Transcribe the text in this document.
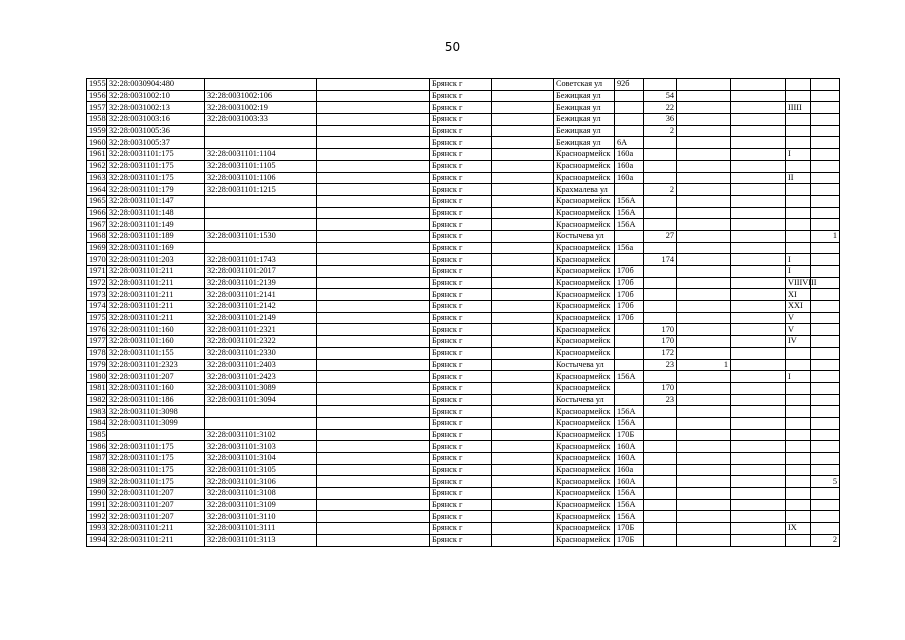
50
1955	32:28:0030904:480			Брянск г		Советская ул	92б					
1956	32:28:0031002:10	32:28:0031002:106		Брянск г		Бежицкая ул		54				
1957	32:28:0031002:13	32:28:0031002:19		Брянск г		Бежицкая ул		22			IIIII	
1958	32:28:0031003:16	32:28:0031003:33		Брянск г		Бежицкая ул		36				
1959	32:28:0031005:36			Брянск г		Бежицкая ул		2				
1960	32:28:0031005:37			Брянск г		Бежицкая ул	6А					
1961	32:28:0031101:175	32:28:0031101:1104		Брянск г		Красноармейск	160а				I	
1962	32:28:0031101:175	32:28:0031101:1105		Брянск г		Красноармейск	160а					
1963	32:28:0031101:175	32:28:0031101:1106		Брянск г		Красноармейск	160а				II	
1964	32:28:0031101:179	32:28:0031101:1215		Брянск г		Крахмалева ул		2				
1965	32:28:0031101:147			Брянск г		Красноармейск	156А					
1966	32:28:0031101:148			Брянск г		Красноармейск	156А					
1967	32:28:0031101:149			Брянск г		Красноармейск	156А					
1968	32:28:0031101:189	32:28:0031101:1530		Брянск г		Костычева ул		27				1
1969	32:28:0031101:169			Брянск г		Красноармейск	156а					
1970	32:28:0031101:203	32:28:0031101:1743		Брянск г		Красноармейск		174			I	
1971	32:28:0031101:211	32:28:0031101:2017		Брянск г		Красноармейск	170б				I	
1972	32:28:0031101:211	32:28:0031101:2139		Брянск г		Красноармейск	170б				VIIIVIII	
1973	32:28:0031101:211	32:28:0031101:2141		Брянск г		Красноармейск	170б				XI	
1974	32:28:0031101:211	32:28:0031101:2142		Брянск г		Красноармейск	170б				XXI	
1975	32:28:0031101:211	32:28:0031101:2149		Брянск г		Красноармейск	170б				V	
1976	32:28:0031101:160	32:28:0031101:2321		Брянск г		Красноармейск		170			V	
1977	32:28:0031101:160	32:28:0031101:2322		Брянск г		Красноармейск		170			IV	
1978	32:28:0031101:155	32:28:0031101:2330		Брянск г		Красноармейск		172				
1979	32:28:0031101:2323	32:28:0031101:2403		Брянск г		Костычева ул		23	1			
1980	32:28:0031101:207	32:28:0031101:2423		Брянск г		Красноармейск	156А				I	
1981	32:28:0031101:160	32:28:0031101:3089		Брянск г		Красноармейск		170				
1982	32:28:0031101:186	32:28:0031101:3094		Брянск г		Костычева ул		23				
1983	32:28:0031101:3098			Брянск г		Красноармейск	156А					
1984	32:28:0031101:3099			Брянск г		Красноармейск	156А					
1985		32:28:0031101:3102		Брянск г		Красноармейск	170Б					
1986	32:28:0031101:175	32:28:0031101:3103		Брянск г		Красноармейск	160А					
1987	32:28:0031101:175	32:28:0031101:3104		Брянск г		Красноармейск	160А					
1988	32:28:0031101:175	32:28:0031101:3105		Брянск г		Красноармейск	160а					
1989	32:28:0031101:175	32:28:0031101:3106		Брянск г		Красноармейск	160А					5
1990	32:28:0031101:207	32:28:0031101:3108		Брянск г		Красноармейск	156А					
1991	32:28:0031101:207	32:28:0031101:3109		Брянск г		Красноармейск	156А					
1992	32:28:0031101:207	32:28:0031101:3110		Брянск г		Красноармейск	156А					
1993	32:28:0031101:211	32:28:0031101:3111		Брянск г		Красноармейск	170Б				IX	
1994	32:28:0031101:211	32:28:0031101:3113		Брянск г		Красноармейск	170Б					2
